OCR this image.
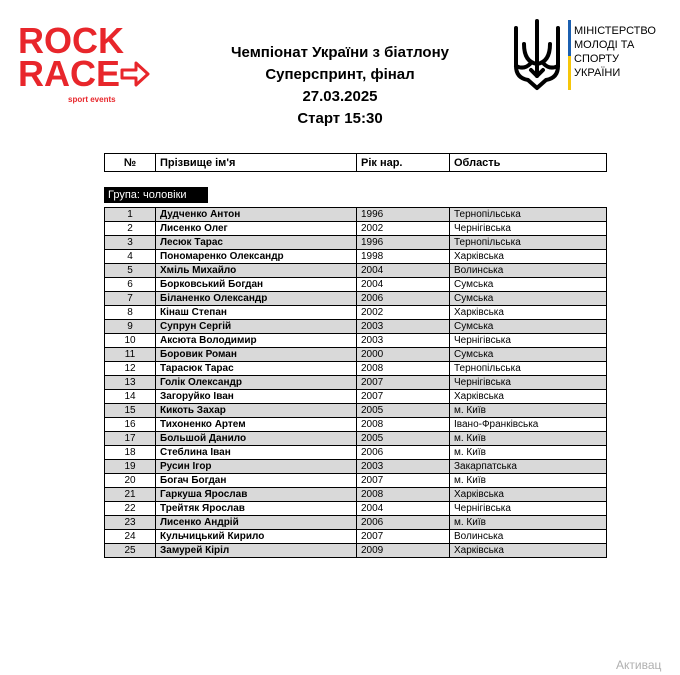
ROCK
RACE
sport events
Чемпіонат України з біатлону
Суперспринт, фінал
27.03.2025
Старт 15:30
МІНІСТЕРСТВО
МОЛОДІ ТА СПОРТУ
УКРАЇНИ
№	Прізвище ім'я	Рік нар.	Область
Група: чоловіки
1	Дудченко Антон	1996	Тернопільська
2	Лисенко Олег	2002	Чернігівська
3	Лесюк Тарас	1996	Тернопільська
4	Пономаренко Олександр	1998	Харківська
5	Хміль Михайло	2004	Волинська
6	Борковський Богдан	2004	Сумська
7	Біланенко Олександр	2006	Сумська
8	Кінаш Степан	2002	Харківська
9	Супрун Сергій	2003	Сумська
10	Аксюта Володимир	2003	Чернігівська
11	Боровик Роман	2000	Сумська
12	Тарасюк Тарас	2008	Тернопільська
13	Голік Олександр	2007	Чернігівська
14	Загоруйко Іван	2007	Харківська
15	Кикоть Захар	2005	м. Київ
16	Тихоненко Артем	2008	Івано-Франківська
17	Большой Данило	2005	м. Київ
18	Стеблина Іван	2006	м. Київ
19	Русин Ігор	2003	Закарпатська
20	Богач Богдан	2007	м. Київ
21	Гаркуша Ярослав	2008	Харківська
22	Трейтяк Ярослав	2004	Чернігівська
23	Лисенко Андрій	2006	м. Київ
24	Кульчицький Кирило	2007	Волинська
25	Замурей Кіріл	2009	Харківська
Активац
